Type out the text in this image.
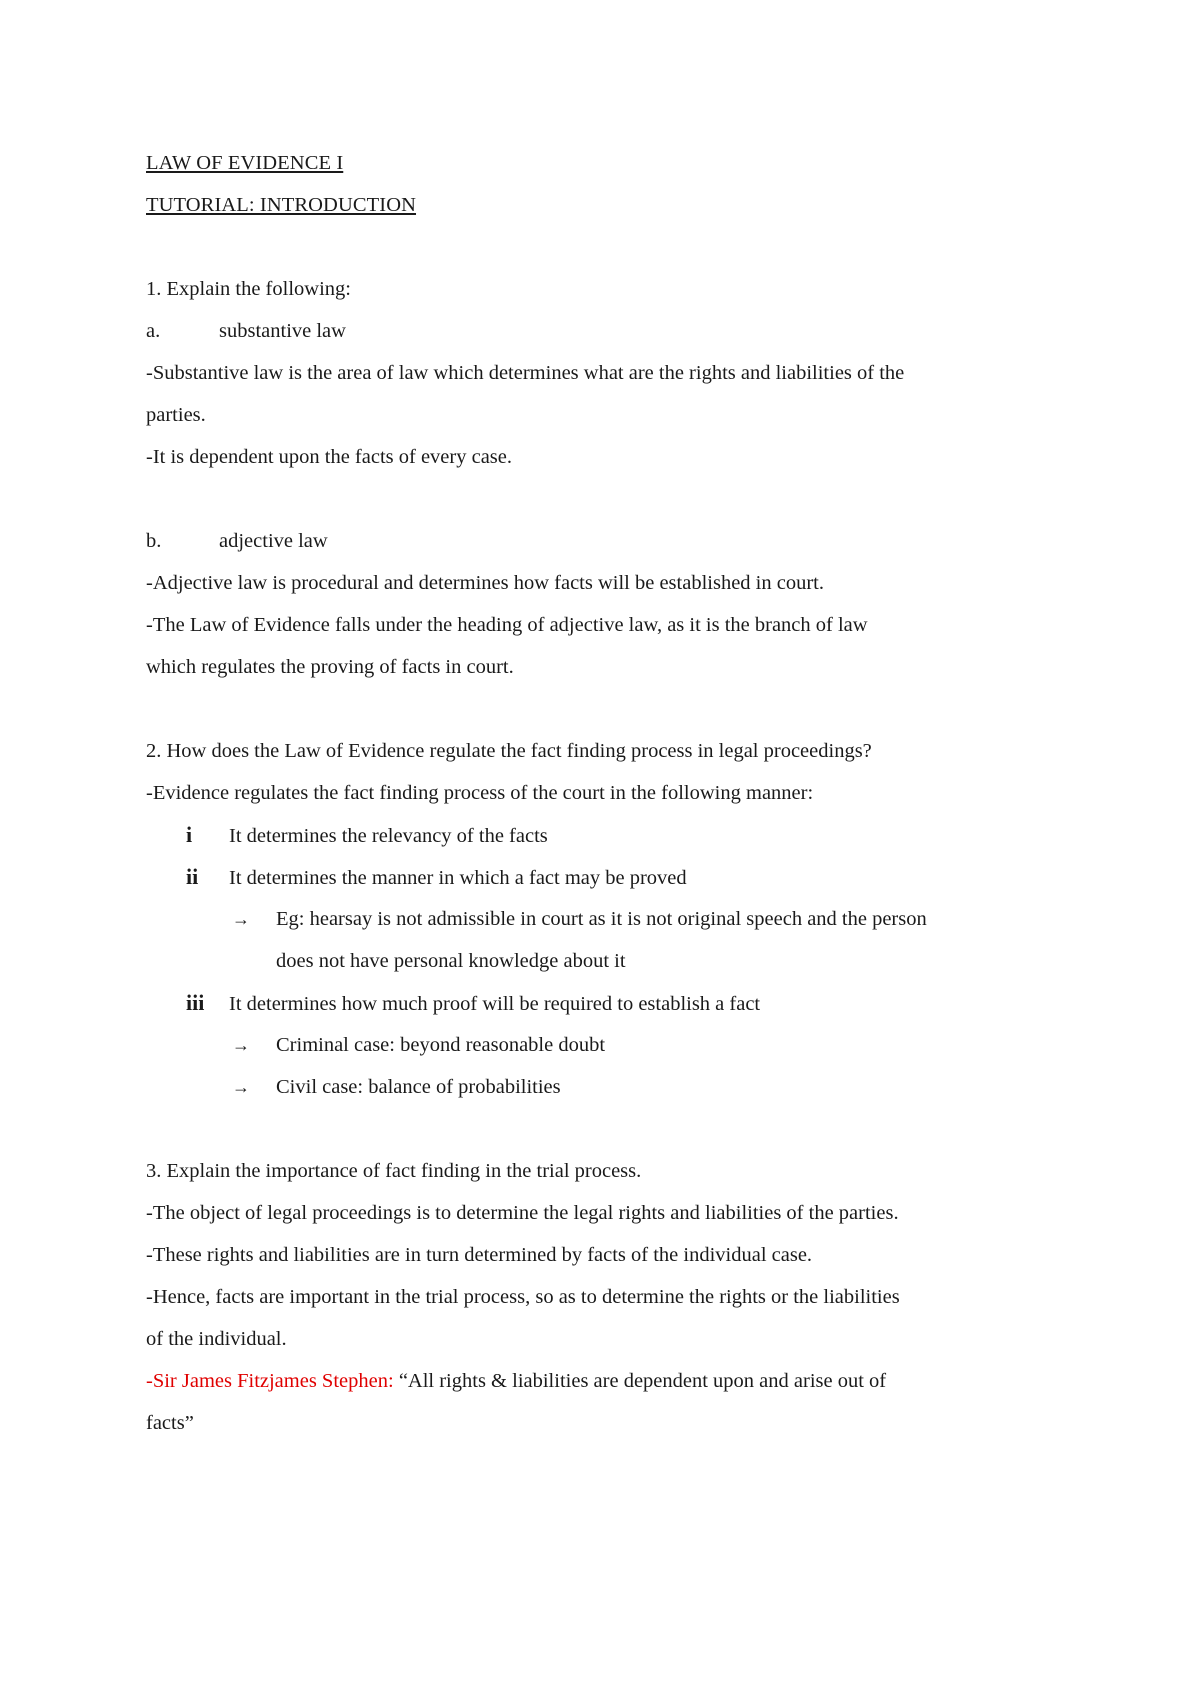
LAW OF EVIDENCE I
TUTORIAL: INTRODUCTION
1. Explain the following:
a.	substantive law
-Substantive law is the area of law which determines what are the rights and liabilities of the
parties.
-It is dependent upon the facts of every case.
b.	adjective law
-Adjective law is procedural and determines how facts will be established in court.
-The Law of Evidence falls under the heading of adjective law, as it is the branch of law
which regulates the proving of facts in court.
2. How does the Law of Evidence regulate the fact finding process in legal proceedings?
-Evidence regulates the fact finding process of the court in the following manner:
i	It determines the relevancy of the facts
ii	It determines the manner in which a fact may be proved
→	Eg: hearsay is not admissible in court as it is not original speech and the person
does not have personal knowledge about it
iii	It determines how much proof will be required to establish a fact
→	Criminal case: beyond reasonable doubt
→	Civil case: balance of probabilities
3. Explain the importance of fact finding in the trial process.
-The object of legal proceedings is to determine the legal rights and liabilities of the parties.
-These rights and liabilities are in turn determined by facts of the individual case.
-Hence, facts are important in the trial process, so as to determine the rights or the liabilities
of the individual.
-Sir James Fitzjames Stephen: “All rights & liabilities are dependent upon and arise out of
facts”
